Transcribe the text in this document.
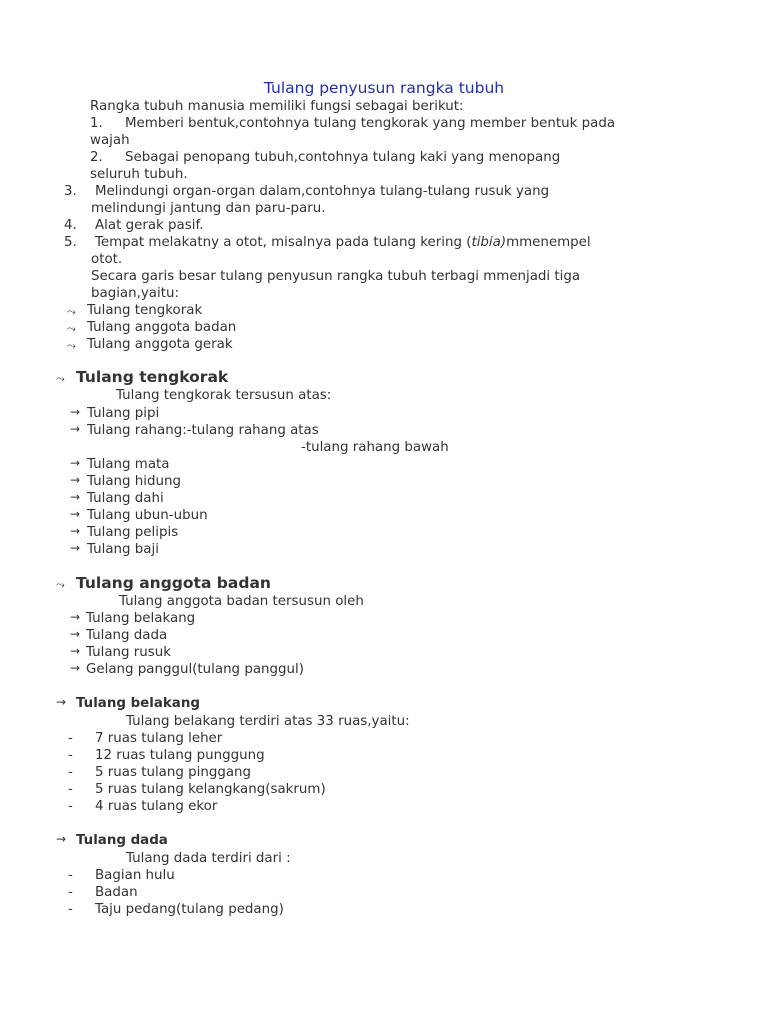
Tulang penyusun rangka tubuh
Rangka tubuh manusia memiliki fungsi sebagai berikut:
1. Memberi bentuk,contohnya tulang tengkorak yang member bentuk pada
wajah
2. Sebagai penopang tubuh,contohnya tulang kaki yang menopang
seluruh tubuh.
3. Melindungi organ-organ dalam,contohnya tulang-tulang rusuk yang
melindungi jantung dan paru-paru.
4. Alat gerak pasif.
5. Tempat melakatny a otot, misalnya pada tulang kering (tibia)mmenempel
otot.
Secara garis besar tulang penyusun rangka tubuh terbagi mmenjadi tiga
bagian,yaitu:
⤳ Tulang tengkorak
⤳ Tulang anggota badan
⤳ Tulang anggota gerak
⤳ Tulang tengkorak
Tulang tengkorak tersusun atas:
→ Tulang pipi
→ Tulang rahang:-tulang rahang atas
-tulang rahang bawah
→ Tulang mata
→ Tulang hidung
→ Tulang dahi
→ Tulang ubun-ubun
→ Tulang pelipis
→ Tulang baji
⤳ Tulang anggota badan
Tulang anggota badan tersusun oleh
→ Tulang belakang
→ Tulang dada
→ Tulang rusuk
→ Gelang panggul(tulang panggul)
→ Tulang belakang
Tulang belakang terdiri atas 33 ruas,yaitu:
- 7 ruas tulang leher
- 12 ruas tulang punggung
- 5 ruas tulang pinggang
- 5 ruas tulang kelangkang(sakrum)
- 4 ruas tulang ekor
→ Tulang dada
Tulang dada terdiri dari :
- Bagian hulu
- Badan
- Taju pedang(tulang pedang)
